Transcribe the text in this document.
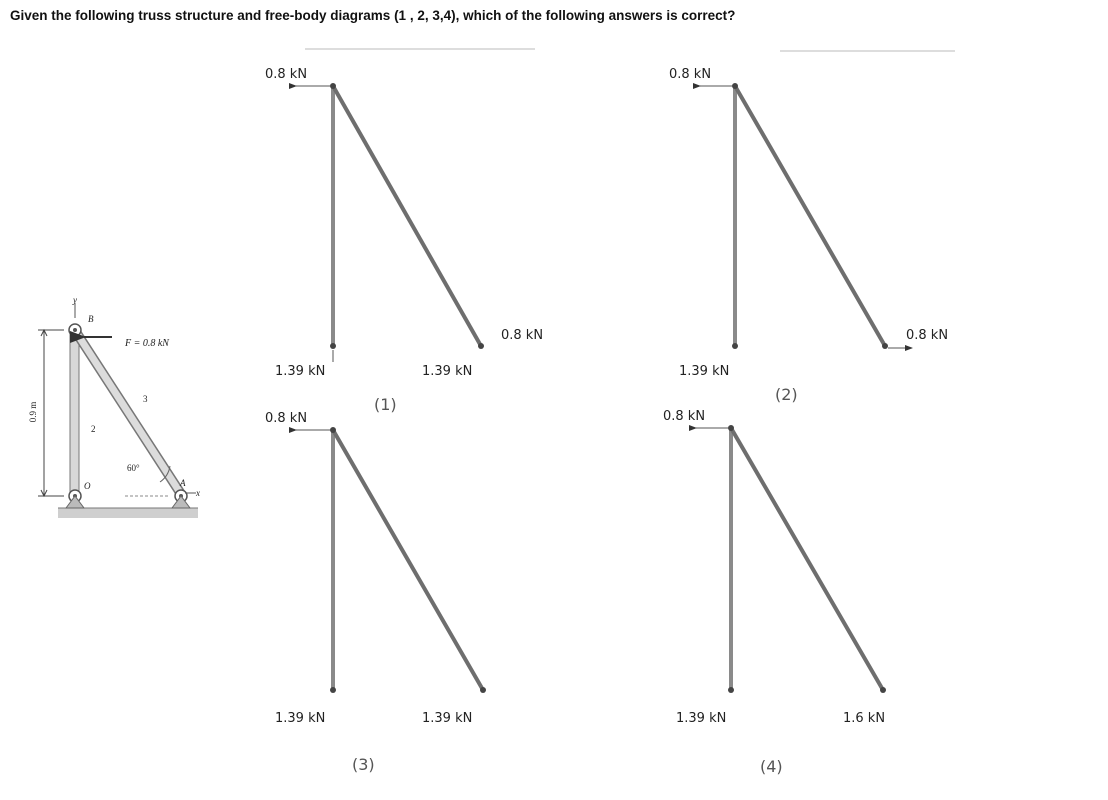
Given the following truss structure and free-body diagrams (1 , 2, 3,4), which of the following answers is correct?
F = 0.8 kN
B
O	A
x
y
60°
2
3
0.9 m
0.8 kN
1.39 kN	1.39 kN
(1)
0.8 kN
0.8 kN
0.8 kN
1.39 kN
(2)
0.8 kN
1.39 kN	1.39 kN
(3)
0.8 kN
1.39 kN	1.6 kN
(4)
